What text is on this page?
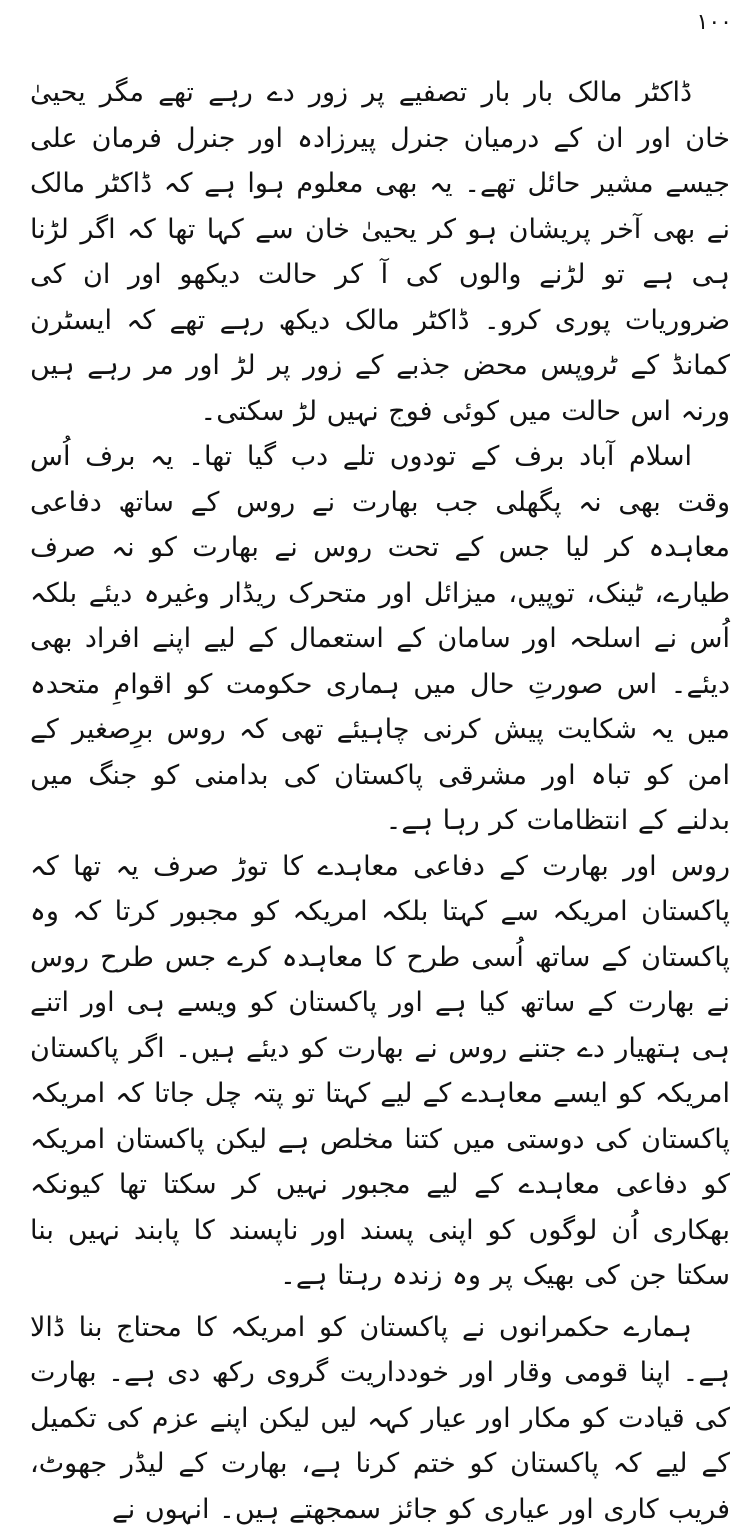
۱۰۰

ڈاکٹر مالک بار بار تصفیے پر زور دے رہے تھے مگر یحییٰ خان اور ان کے درمیان جنرل پیرزادہ اور جنرل فرمان علی جیسے مشیر حائل تھے۔ یہ بھی معلوم ہوا ہے کہ ڈاکٹر مالک نے بھی آخر پریشان ہو کر یحییٰ خان سے کہا تھا کہ اگر لڑنا ہی ہے تو لڑنے والوں کی آ کر حالت دیکھو اور ان کی ضروریات پوری کرو۔ ڈاکٹر مالک دیکھ رہے تھے کہ ایسٹرن کمانڈ کے ٹروپس محض جذبے کے زور پر لڑ اور مر رہے ہیں ورنہ اس حالت میں کوئی فوج نہیں لڑ سکتی۔

اسلام آباد برف کے تودوں تلے دب گیا تھا۔ یہ برف اُس وقت بھی نہ پگھلی جب بھارت نے روس کے ساتھ دفاعی معاہدہ کر لیا جس کے تحت روس نے بھارت کو نہ صرف طیارے، ٹینک، توپیں، میزائل اور متحرک ریڈار وغیرہ دیئے بلکہ اُس نے اسلحہ اور سامان کے استعمال کے لیے اپنے افراد بھی دیئے۔ اس صورتِ حال میں ہماری حکومت کو اقوامِ متحدہ میں یہ شکایت پیش کرنی چاہیئے تھی کہ روس برِصغیر کے امن کو تباہ اور مشرقی پاکستان کی بدامنی کو جنگ میں بدلنے کے انتظامات کر رہا ہے۔

روس اور بھارت کے دفاعی معاہدے کا توڑ صرف یہ تھا کہ پاکستان امریکہ سے کہتا بلکہ امریکہ کو مجبور کرتا کہ وہ پاکستان کے ساتھ اُسی طرح کا معاہدہ کرے جس طرح روس نے بھارت کے ساتھ کیا ہے اور پاکستان کو ویسے ہی اور اتنے ہی ہتھیار دے جتنے روس نے بھارت کو دیئے ہیں۔ اگر پاکستان امریکہ کو ایسے معاہدے کے لیے کہتا تو پتہ چل جاتا کہ امریکہ پاکستان کی دوستی میں کتنا مخلص ہے لیکن پاکستان امریکہ کو دفاعی معاہدے کے لیے مجبور نہیں کر سکتا تھا کیونکہ بھکاری اُن لوگوں کو اپنی پسند اور ناپسند کا پابند نہیں بنا سکتا جن کی بھیک پر وہ زندہ رہتا ہے۔

ہمارے حکمرانوں نے پاکستان کو امریکہ کا محتاج بنا ڈالا ہے۔ اپنا قومی وقار اور خودداریت گروی رکھ دی ہے۔ بھارت کی قیادت کو مکار اور عیار کہہ لیں لیکن اپنے عزم کی تکمیل کے لیے کہ پاکستان کو ختم کرنا ہے، بھارت کے لیڈر جھوٹ، فریب کاری اور عیاری کو جائز سمجھتے ہیں۔ انہوں نے
